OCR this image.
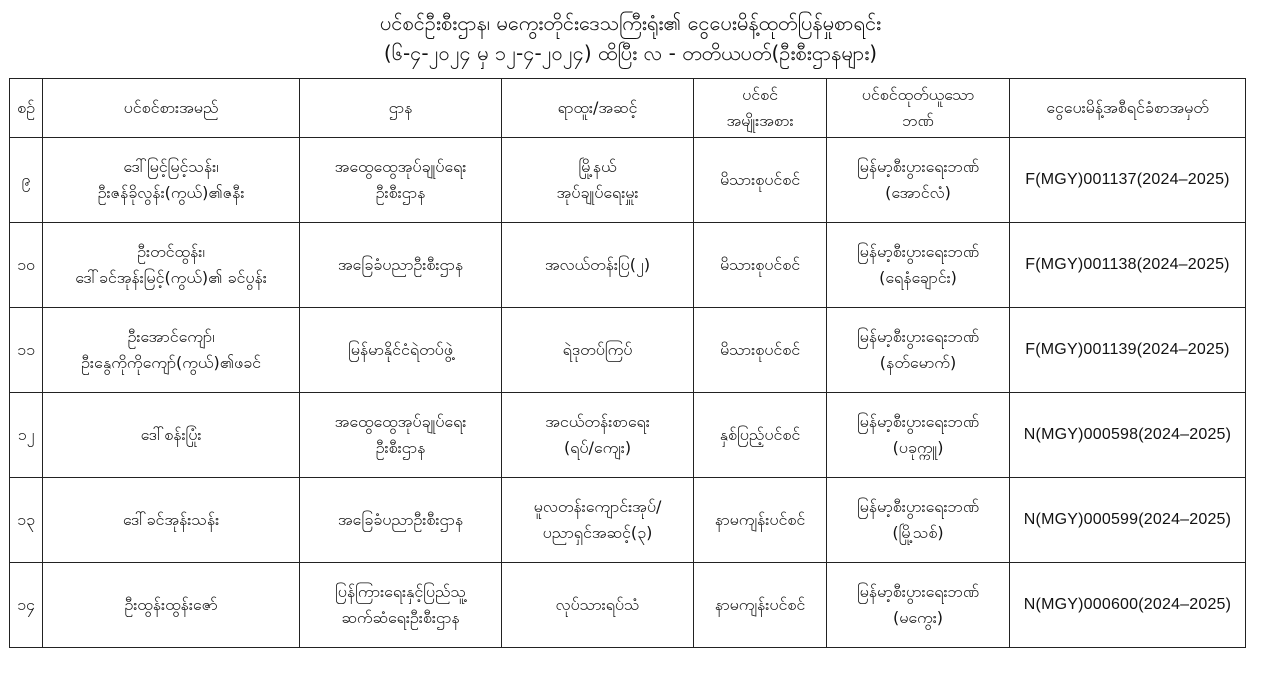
ပင်စင်ဦးစီးဌာန၊ မကွေးတိုင်းဒေသကြီးရုံး၏ ငွေပေးမိန့်ထုတ်ပြန်မှုစာရင်း
(၆-၄-၂၀၂၄ မှ ၁၂-၄-၂၀၂၄) ထိပြီး လ - တတိယပတ်(ဦးစီးဌာနများ)
စဉ်	ပင်စင်စားအမည်	ဌာန	ရာထူး/အဆင့်	ပင်စင်
အမျိုးအစား	ပင်စင်ထုတ်ယူသော
ဘဏ်	ငွေပေးမိန့်အစီရင်ခံစာအမှတ်

၉	ဒေါ်မြင့်မြင့်သန်း၊
ဦးဇန်ခိုလွန်း(ကွယ်)၏ဇနီး	အထွေထွေအုပ်ချုပ်ရေး
ဦးစီးဌာန	မြို့နယ်
အုပ်ချုပ်ရေးမှူး	မိသားစုပင်စင်	မြန်မာ့စီးပွားရေးဘဏ်
(အောင်လံ)	F(MGY)001137(2024–2025)

၁၀	ဦးတင်ထွန်း၊
ဒေါ်ခင်အုန်းမြင့်(ကွယ်)၏ ခင်ပွန်း	အခြေခံပညာဦးစီးဌာန	အလယ်တန်းပြ(၂)	မိသားစုပင်စင်	မြန်မာ့စီးပွားရေးဘဏ်
(ရေနံချောင်း)	F(MGY)001138(2024–2025)

၁၁	ဦးအောင်ကျော်၊
ဦးနွေကိုကိုကျော်(ကွယ်)၏ဖခင်	မြန်မာနိုင်ငံရဲတပ်ဖွဲ့	ရဲဒုတပ်ကြပ်	မိသားစုပင်စင်	မြန်မာ့စီးပွားရေးဘဏ်
(နတ်မောက်)	F(MGY)001139(2024–2025)

၁၂	ဒေါ်စန်းပြုံး	အထွေထွေအုပ်ချုပ်ရေး
ဦးစီးဌာန	အငယ်တန်းစာရေး
(ရပ်/ကျေး)	နှစ်ပြည့်ပင်စင်	မြန်မာ့စီးပွားရေးဘဏ်
(ပခုက္ကူ)	N(MGY)000598(2024–2025)

၁၃	ဒေါ်ခင်အုန်းသန်း	အခြေခံပညာဦးစီးဌာန	မူလတန်းကျောင်းအုပ်/
ပညာရှင်အဆင့်(၃)	နာမကျန်းပင်စင်	မြန်မာ့စီးပွားရေးဘဏ်
(မြို့သစ်)	N(MGY)000599(2024–2025)

၁၄	ဦးထွန်းထွန်းဇော်	ပြန်ကြားရေးနှင့်ပြည်သူ့
ဆက်ဆံရေးဦးစီးဌာန	လုပ်သားရပ်သံ	နာမကျန်းပင်စင်	မြန်မာ့စီးပွားရေးဘဏ်
(မကွေး)	N(MGY)000600(2024–2025)
